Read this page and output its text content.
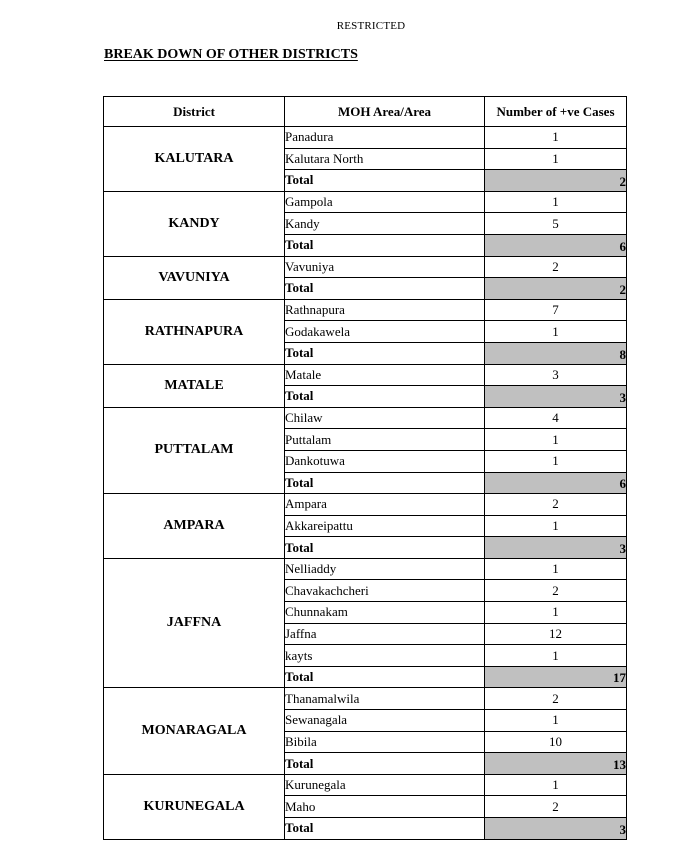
RESTRICTED
BREAK DOWN OF OTHER DISTRICTS
District	MOH Area/Area	Number of +ve Cases
KALUTARA	Panadura	1
	Kalutara North	1
	Total	2
KANDY	Gampola	1
	Kandy	5
	Total	6
VAVUNIYA	Vavuniya	2
	Total	2
RATHNAPURA	Rathnapura	7
	Godakawela	1
	Total	8
MATALE	Matale	3
	Total	3
PUTTALAM	Chilaw	4
	Puttalam	1
	Dankotuwa	1
	Total	6
AMPARA	Ampara	2
	Akkareipattu	1
	Total	3
JAFFNA	Nelliaddy	1
	Chavakachcheri	2
	Chunnakam	1
	Jaffna	12
	kayts	1
	Total	17
MONARAGALA	Thanamalwila	2
	Sewanagala	1
	Bibila	10
	Total	13
KURUNEGALA	Kurunegala	1
	Maho	2
	Total	3
